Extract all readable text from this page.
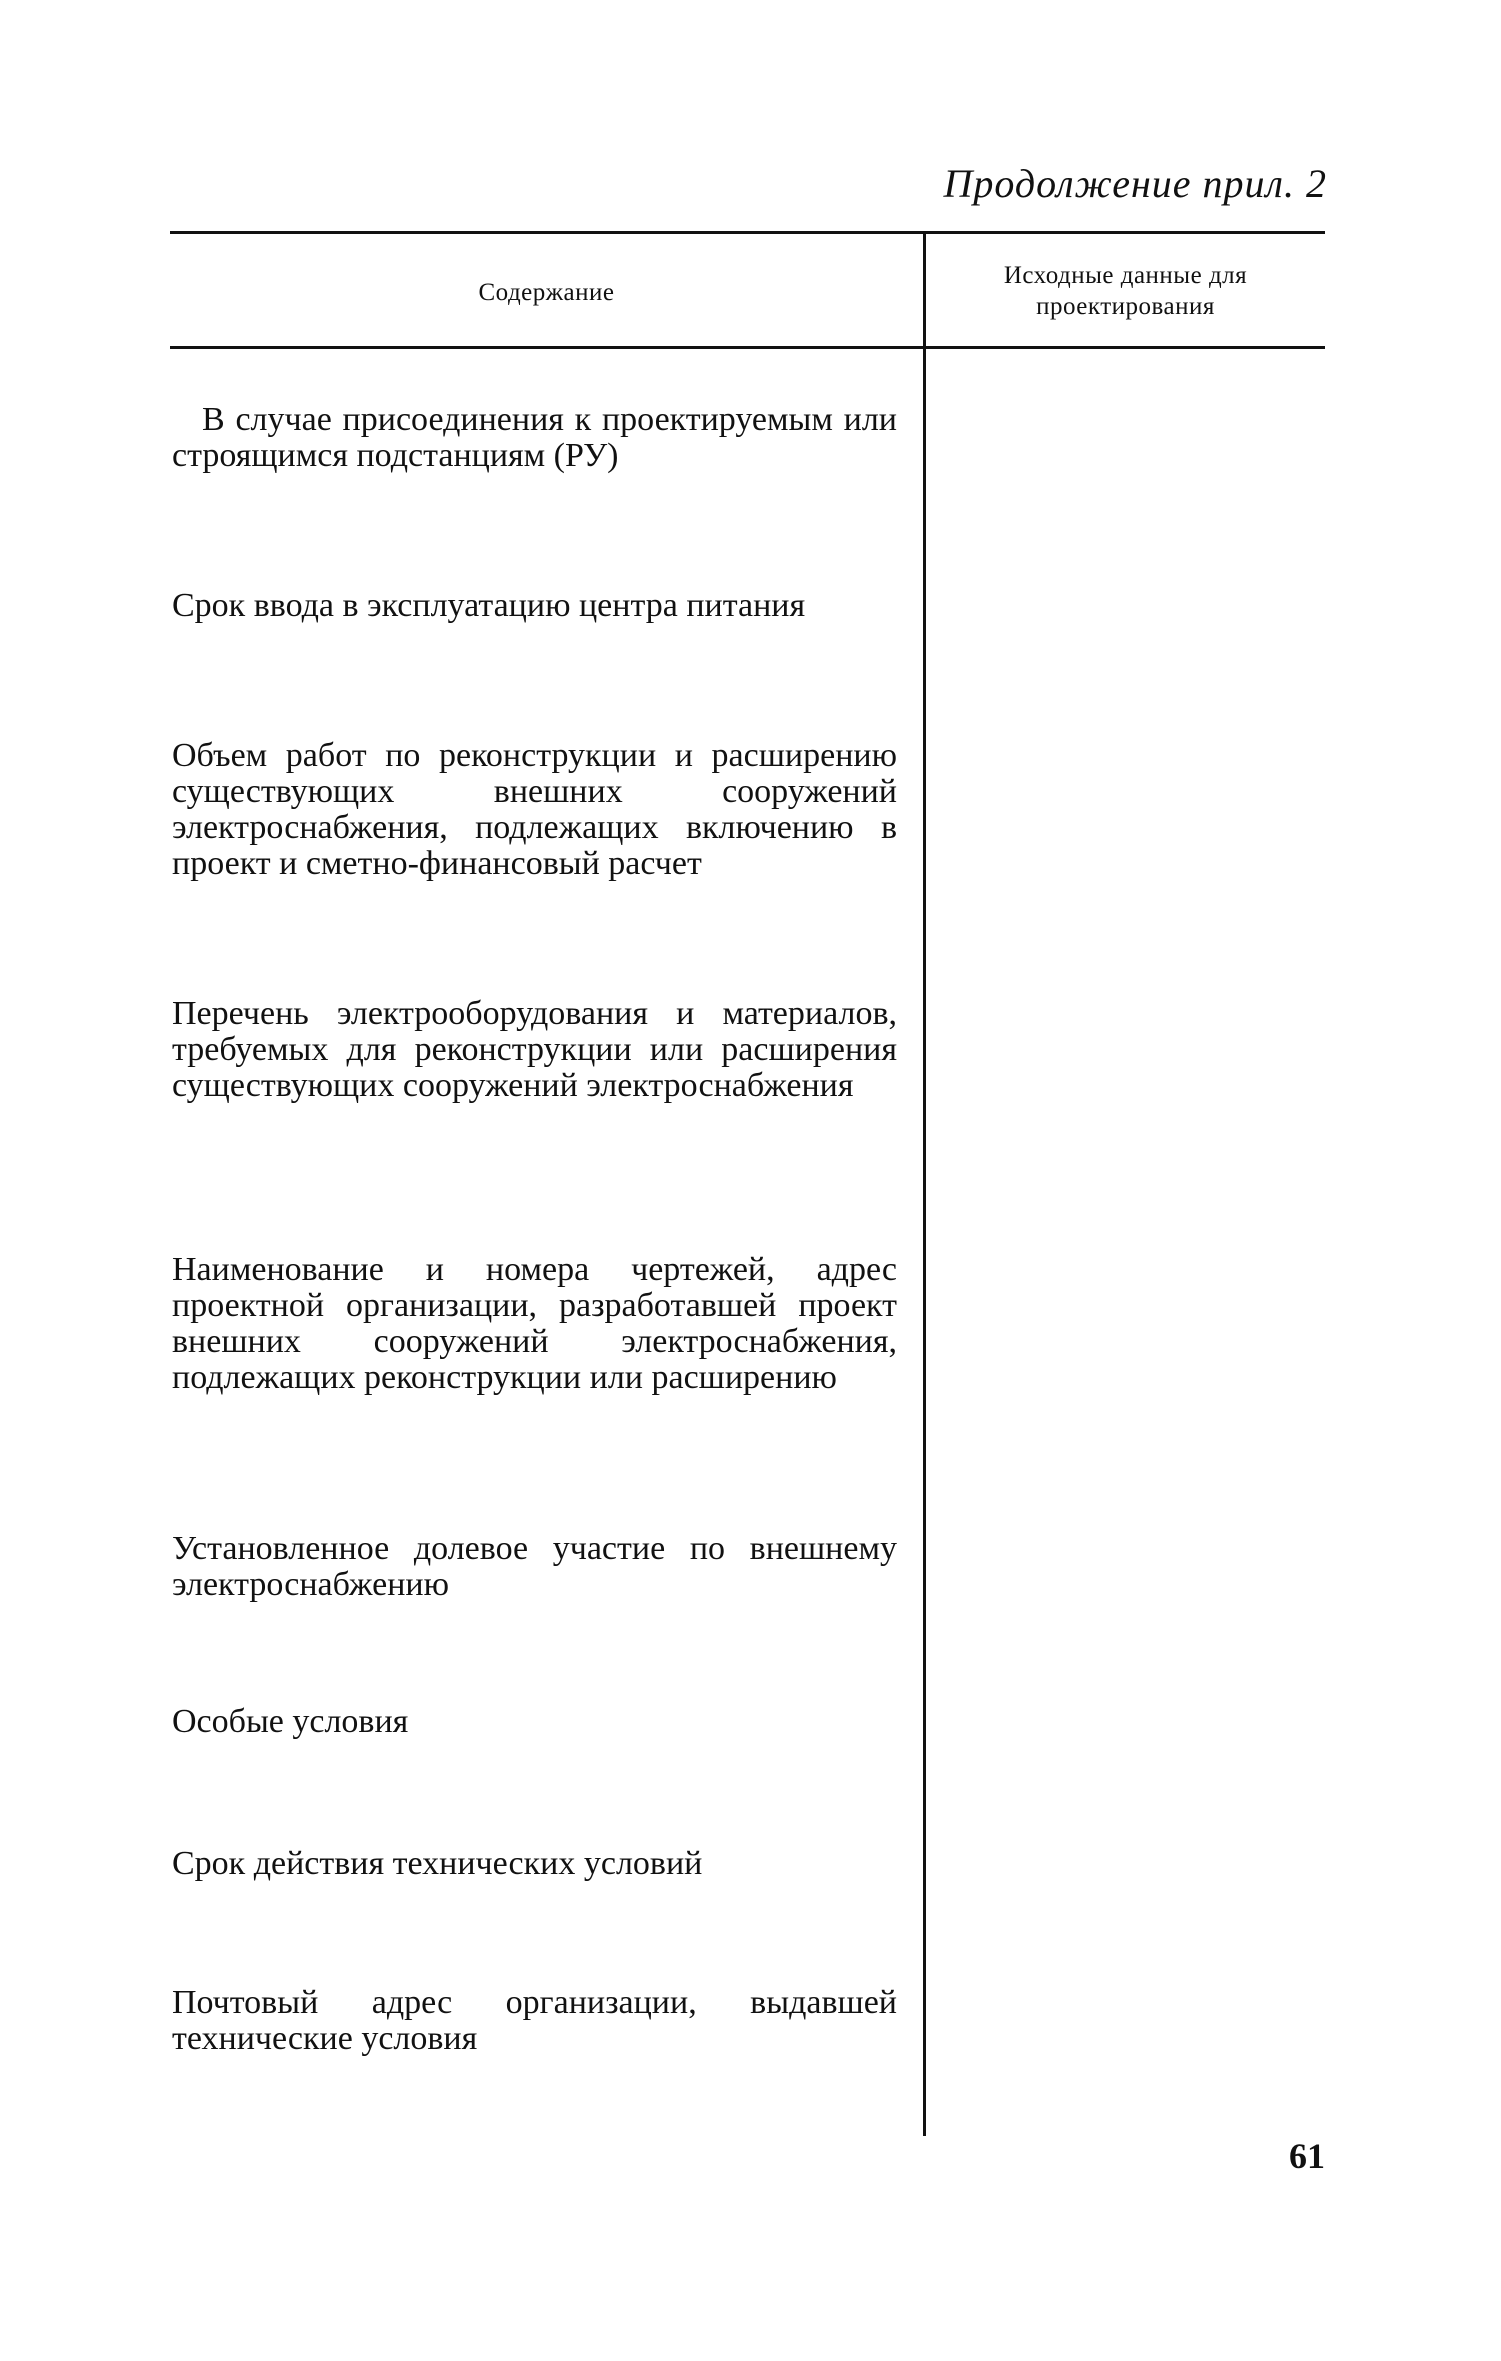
Продолжение прил. 2
Содержание
Исходные данные для проектирования
В случае присоединения к проектируемым или строящимся подстанциям (РУ)
Срок ввода в эксплуатацию центра питания
Объем работ по реконструкции и расширению существующих внешних сооружений электроснабжения, подлежащих включению в проект и сметно-финансовый расчет
Перечень электрооборудования и материалов, требуемых для реконструкции или расширения существующих сооружений электроснабжения
Наименование и номера чертежей, адрес проектной организации, разработавшей проект внешних сооружений электроснабжения, подлежащих реконструкции или расширению
Установленное долевое участие по внешнему электроснабжению
Особые условия
Срок действия технических условий
Почтовый адрес организации, выдавшей технические условия
61
